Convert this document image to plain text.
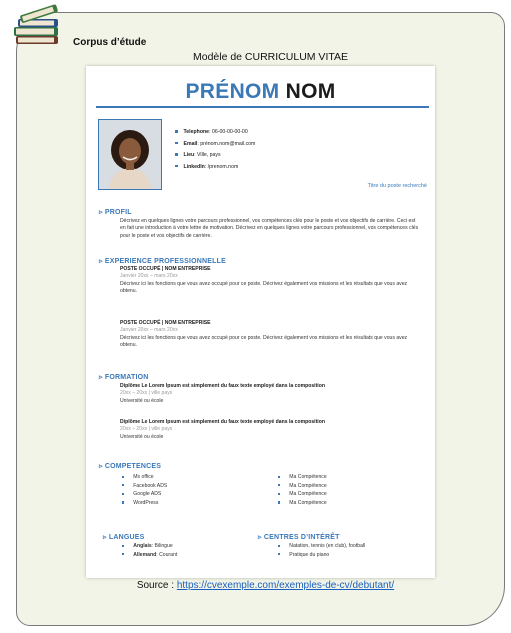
Corpus d’étude
Modèle de CURRICULUM VITAE
PRÉNOM NOM
Telephone: 06-00-00-00-00
Email: prénom.nom@mail.com
Lieu: Ville, pays
LinkedIn: /prenom.nom
Titre du poste recherché
▹ PROFIL
Décrivez en quelques lignes votre parcours professionnel, vos compétences clés pour le poste et vos objectifs de carrière. Ceci est en fait une introduction à votre lettre de motivation. Décrivez en quelques lignes votre parcours professionnel, vos compétences clés pour le poste et vos objectifs de carrière.
▹ EXPERIENCE PROFESSIONNELLE
POSTE OCCUPÉ | NOM ENTREPRISE
Janvier 20xx – mars 20xx
Décrivez ici les fonctions que vous avez occupé pour ce poste. Décrivez également vos missions et les résultats que vous avez obtenu.
POSTE OCCUPÉ | NOM ENTREPRISE
Janvier 20xx – mars 20xx
Décrivez ici les fonctions que vous avez occupé pour ce poste. Décrivez également vos missions et les résultats que vous avez obtenu.
▹ FORMATION
Diplôme Le Lorem Ipsum est simplement du faux texte employé dans la composition
20xx – 20xx | ville pays
Université ou école
Diplôme Le Lorem Ipsum est simplement du faux texte employé dans la composition
20xx – 20xx | ville pays
Université ou école
▹ COMPETENCES
Ms office
Facebook ADS
Google ADS
WordPress
Ma Compétence
Ma Compétence
Ma Compétence
Ma Compétence
▹ LANGUES
Anglais: Bilingue
Allemand: Courant
▹ CENTRES D’INTÉRÊT
Natation, tennis (en club), football
Pratique du piano
Source : https://cvexemple.com/exemples-de-cv/debutant/
